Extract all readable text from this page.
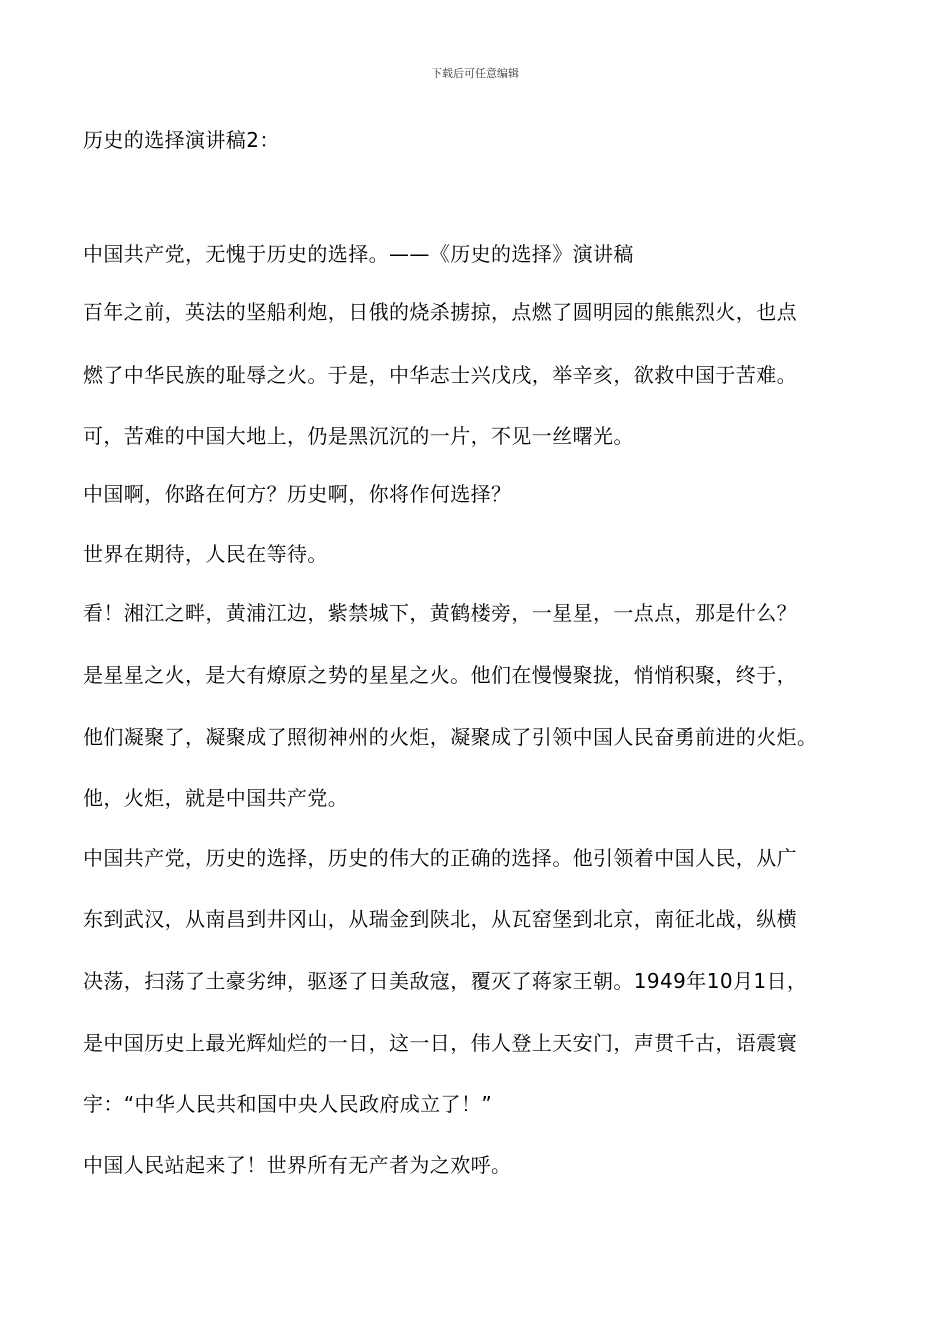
下载后可任意编辑
历史的选择演讲稿2：
中国共产党，无愧于历史的选择。——《历史的选择》演讲稿
百年之前，英法的坚船利炮，日俄的烧杀掳掠，点燃了圆明园的熊熊烈火，也点
燃了中华民族的耻辱之火。于是，中华志士兴戊戌，举辛亥，欲救中国于苦难。
可，苦难的中国大地上，仍是黑沉沉的一片，不见一丝曙光。
中国啊，你路在何方？历史啊，你将作何选择？
世界在期待，人民在等待。
看！湘江之畔，黄浦江边，紫禁城下，黄鹤楼旁，一星星，一点点，那是什么？
是星星之火，是大有燎原之势的星星之火。他们在慢慢聚拢，悄悄积聚，终于，
他们凝聚了，凝聚成了照彻神州的火炬，凝聚成了引领中国人民奋勇前进的火炬。
他，火炬，就是中国共产党。
中国共产党，历史的选择，历史的伟大的正确的选择。他引领着中国人民，从广
东到武汉，从南昌到井冈山，从瑞金到陕北，从瓦窑堡到北京，南征北战，纵横
决荡，扫荡了土豪劣绅，驱逐了日美敌寇，覆灭了蒋家王朝。1949年10月1日，
是中国历史上最光辉灿烂的一日，这一日，伟人登上天安门，声贯千古，语震寰
宇：“中华人民共和国中央人民政府成立了！”
中国人民站起来了！世界所有无产者为之欢呼。
